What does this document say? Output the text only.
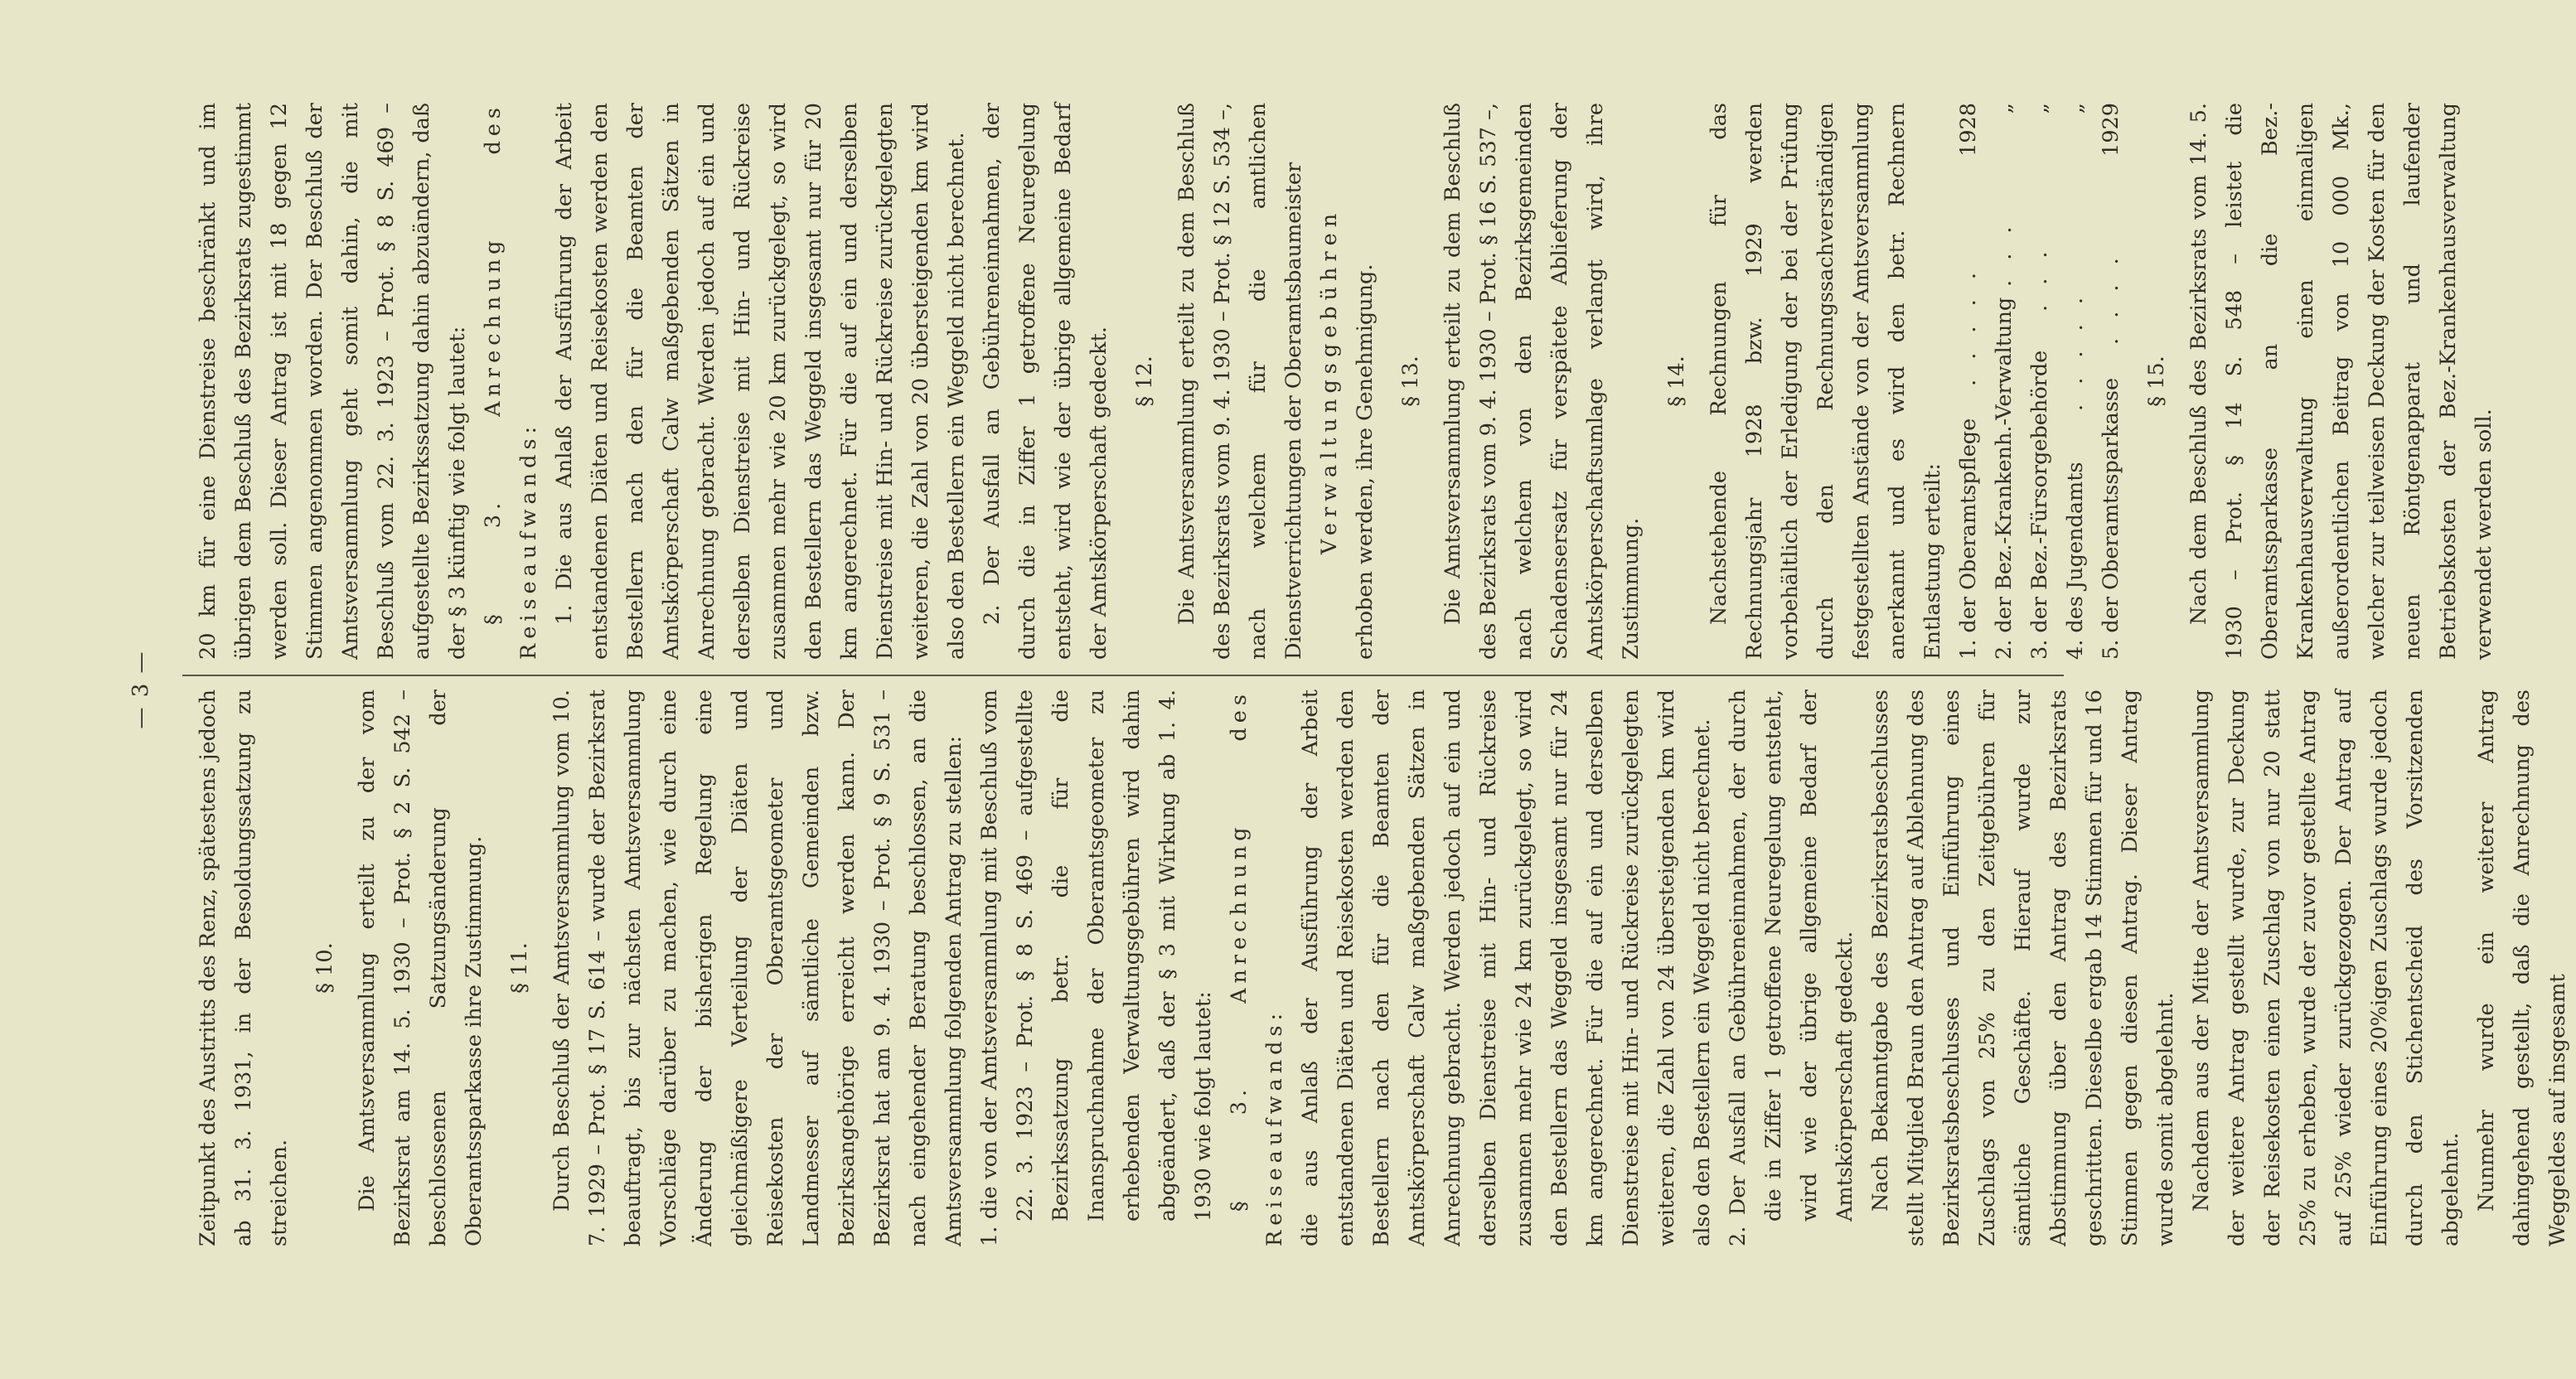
— 3 — Zeitpunkt des Austritts des Renz, spätestens jedoch ab 31. 3. 1931, in der Besoldungssatzung zu streichen.

§ 10. Die Amtsversammlung erteilt zu der vom Bezirksrat am 14. 5. 1930 – Prot. § 2 S. 542 – beschlossenen Satzungsänderung der Oberamtssparkasse ihre Zustimmung. § 11. Durch Beschluß der Amtsversammlung vom 10. 7. 1929 – Prot. § 17 S. 614 – wurde der Bezirksrat beauftragt, bis zur nächsten Amtsversammlung Vorschläge darüber zu machen, wie durch eine Änderung der bisherigen Regelung eine gleichmäßigere Verteilung der Diäten und Reisekosten der Oberamtsgeometer und Landmesser auf sämtliche Gemeinden bzw. Bezirksangehörige erreicht werden kann. Der Bezirksrat hat am 9. 4. 1930 – Prot. § 9 S. 531 – nach eingehender Beratung beschlossen, an die Amtsversammlung folgenden Antrag zu stellen: 1. die von der Amtsversammlung mit Beschluß vom 22. 3. 1923 – Prot. § 8 S. 469 – aufgestellte Bezirkssatzung betr. die für die Inanspruchnahme der Oberamtsgeometer zu erhebenden Verwaltungsgebühren wird dahin abgeändert, daß der § 3 mit Wirkung ab 1. 4. 1930 wie folgt lautet: § 3. Anrechnung des Reiseaufwands: die aus Anlaß der Ausführung der Arbeit entstandenen Diäten und Reisekosten werden den Bestellern nach den für die Beamten der Amtskörperschaft Calw maßgebenden Sätzen in Anrechnung gebracht. Werden jedoch auf ein und derselben Dienstreise mit Hin- und Rückreise zusammen mehr wie 24 km zurückgelegt, so wird den Bestellern das Weggeld insgesamt nur für 24 km angerechnet. Für die auf ein und derselben Dienstreise mit Hin- und Rückreise zurückgelegten weiteren, die Zahl von 24 übersteigenden km wird also den Bestellern ein Weggeld nicht berechnet. 2. Der Ausfall an Gebühreneinnahmen, der durch die in Ziffer 1 getroffene Neuregelung entsteht, wird wie der übrige allgemeine Bedarf der Amtskörperschaft gedeckt. Nach Bekanntgabe des Bezirksratsbeschlusses stellt Mitglied Braun den Antrag auf Ablehnung des Bezirksratsbeschlusses und Einführung eines Zuschlags von 25% zu den Zeitgebühren für sämtliche Geschäfte. Hierauf wurde zur Abstimmung über den Antrag des Bezirksrats geschritten. Dieselbe ergab 14 Stimmen für und 16 Stimmen gegen diesen Antrag. Dieser Antrag wurde somit abgelehnt. Nachdem aus der Mitte der Amtsversammlung der weitere Antrag gestellt wurde, zur Deckung der Reisekosten einen Zuschlag von nur 20 statt 25% zu erheben, wurde der zuvor gestellte Antrag auf 25% wieder zurückgezogen. Der Antrag auf Einführung eines 20%igen Zuschlags wurde jedoch durch den Stichentscheid des Vorsitzenden abgelehnt. Nunmehr wurde ein weiterer Antrag dahingehend gestellt, daß die Anrechnung des Weggeldes auf insgesamt

20 km für eine Dienstreise beschränkt und im übrigen dem Beschluß des Bezirksrats zugestimmt werden soll. Dieser Antrag ist mit 18 gegen 12 Stimmen angenommen worden. Der Beschluß der Amtsversammlung geht somit dahin, die mit Beschluß vom 22. 3. 1923 – Prot. § 8 S. 469 – aufgestellte Bezirkssatzung dahin abzuändern, daß der § 3 künftig wie folgt lautet: § 3. Anrechnung des Reiseaufwands: 1. Die aus Anlaß der Ausführung der Arbeit entstandenen Diäten und Reisekosten werden den Bestellern nach den für die Beamten der Amtskörperschaft Calw maßgebenden Sätzen in Anrechnung gebracht. Werden jedoch auf ein und derselben Dienstreise mit Hin- und Rückreise zusammen mehr wie 20 km zurückgelegt, so wird den Bestellern das Weggeld insgesamt nur für 20 km angerechnet. Für die auf ein und derselben Dienstreise mit Hin- und Rückreise zurückgelegten weiteren, die Zahl von 20 übersteigenden km wird also den Bestellern ein Weggeld nicht berechnet. 2. Der Ausfall an Gebühreneinnahmen, der durch die in Ziffer 1 getroffene Neuregelung entsteht, wird wie der übrige allgemeine Bedarf der Amtskörperschaft gedeckt. § 12. Die Amtsversammlung erteilt zu dem Beschluß des Bezirksrats vom 9. 4. 1930 – Prot. § 12 S. 534 –, nach welchem für die amtlichen Dienstverrichtungen der Oberamtsbaumeister Verwaltungsgebühren erhoben werden, ihre Genehmigung. § 13. Die Amtsversammlung erteilt zu dem Beschluß des Bezirksrats vom 9. 4. 1930 – Prot. § 16 S. 537 –, nach welchem von den Bezirksgemeinden Schadensersatz für verspätete Ablieferung der Amtskörperschaftsumlage verlangt wird, ihre Zustimmung.

§ 14. Nachstehende Rechnungen für das Rechnungsjahr 1928 bzw. 1929 werden vorbehältlich der Erledigung der bei der Prüfung durch den Rechnungssachverständigen festgestellten Anstände von der Amtsversammlung anerkannt und es wird den betr. Rechnern Entlastung erteilt: 1. der Oberamtspflege
. . . . .
1928
2. der Bez.-Krankenh.-Verwaltung
. . .
„
3. der Bez.-Fürsorgebehörde
. . .
„
4. des Jugendamts
. . . . .
„
5. der Oberamtssparkasse
. . . .
1929

§ 15. Nach dem Beschluß des Bezirksrats vom 14. 5. 1930 – Prot. § 14 S. 548 – leistet die Oberamtssparkasse an die Bez.-Krankenhausverwaltung einen einmaligen außerordentlichen Beitrag von 10 000 Mk., welcher zur teilweisen Deckung der Kosten für den neuen Röntgenapparat und laufender Betriebskosten der Bez.-Krankenhausverwaltung verwendet werden soll.
